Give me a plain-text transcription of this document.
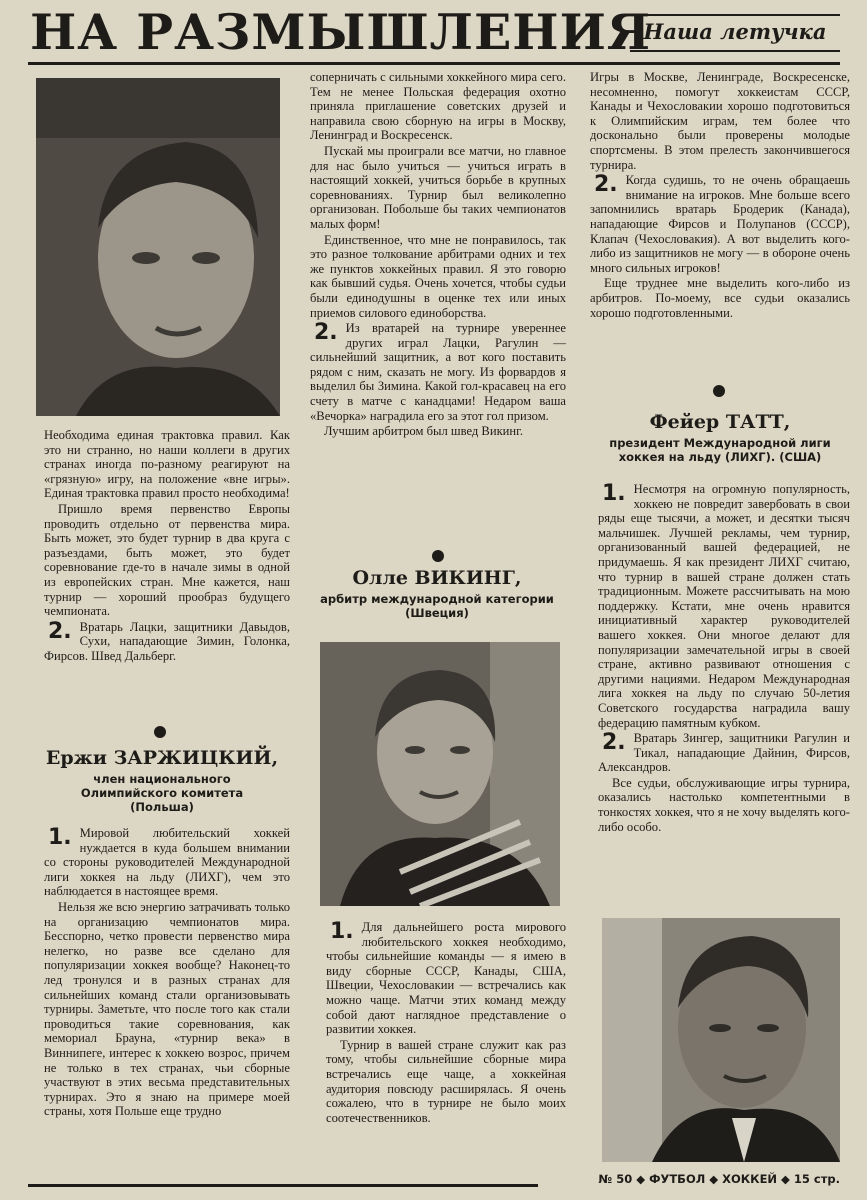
НА РАЗМЫШЛЕНИЯ
Наша летучка

Необходима единая трактовка правил. Как это ни странно, но наши коллеги в других странах иногда по-разному реагируют на «грязную» игру, на положение «вне игры». Единая трактовка правил просто необходима!

Пришло время первенство Европы проводить отдельно от первенства мира. Быть может, это будет турнир в два круга с разъездами, быть может, это будет соревнование где-то в начале зимы в одной из европейских стран. Мне кажется, наш турнир — хороший прообраз будущего чемпионата.

2. Вратарь Лацки, защитники Давыдов, Сухи, нападающие Зимин, Голонка, Фирсов. Швед Дальберг.

Ержи ЗАРЖИЦКИЙ,

член национального Олимпийского комитета (Польша)

1. Мировой любительский хоккей нуждается в куда большем внимании со стороны руководителей Международной лиги хоккея на льду (ЛИХГ), чем это наблюдается в настоящее время.

Нельзя же всю энергию затрачивать только на организацию чемпионатов мира. Бесспорно, четко провести первенство мира нелегко, но разве все сделано для популяризации хоккея вообще? Наконец-то лед тронулся и в разных странах для сильнейших команд стали организовывать турниры. Заметьте, что после того как стали проводиться такие соревнования, как мемориал Брауна, «турнир века» в Виннипеге, интерес к хоккею возрос, причем не только в тех странах, чьи сборные участвуют в этих весьма представительных турнирах. Это я знаю на примере моей страны, хотя Польше еще трудно

соперничать с сильными хоккейного мира сего. Тем не менее Польская федерация охотно приняла приглашение советских друзей и направила свою сборную на игры в Москву, Ленинград и Воскресенск.

Пускай мы проиграли все матчи, но главное для нас было учиться — учиться играть в настоящий хоккей, учиться борьбе в крупных соревнованиях. Турнир был великолепно организован. Побольше бы таких чемпионатов малых форм!

Единственное, что мне не понравилось, так это разное толкование арбитрами одних и тех же пунктов хоккейных правил. Я это говорю как бывший судья. Очень хочется, чтобы судьи были единодушны в оценке тех или иных приемов силового единоборства.

2. Из вратарей на турнире увереннее других играл Лацки, Рагулин — сильнейший защитник, а вот кого поставить рядом с ним, сказать не могу. Из форвардов я выделил бы Зимина. Какой гол-красавец на его счету в матче с канадцами! Недаром ваша «Вечорка» наградила его за этот гол призом.

Лучшим арбитром был швед Викинг.

Олле ВИКИНГ,

арбитр международной категории (Швеция)

1. Для дальнейшего роста мирового любительского хоккея необходимо, чтобы сильнейшие команды — я имею в виду сборные СССР, Канады, США, Швеции, Чехословакии — встречались как можно чаще. Матчи этих команд между собой дают наглядное представление о развитии хоккея.

Турнир в вашей стране служит как раз тому, чтобы сильнейшие сборные мира встречались еще чаще, а хоккейная аудитория повсюду расширялась. Я очень сожалею, что в турнире не было моих соотечественников.

Игры в Москве, Ленинграде, Воскресенске, несомненно, помогут хоккеистам СССР, Канады и Чехословакии хорошо подготовиться к Олимпийским играм, тем более что досконально были проверены молодые спортсмены. В этом прелесть закончившегося турнира.

2. Когда судишь, то не очень обращаешь внимание на игроков. Мне больше всего запомнились вратарь Бродерик (Канада), нападающие Фирсов и Полупанов (СССР), Клапач (Чехословакия). А вот выделить кого-либо из защитников не могу — в обороне очень много сильных игроков!

Еще труднее мне выделить кого-либо из арбитров. По-моему, все судьи оказались хорошо подготовленными.

Фейер ТАТТ,

президент Международной лиги хоккея на льду (ЛИХГ). (США)

1. Несмотря на огромную популярность, хоккею не повредит завербовать в свои ряды еще тысячи, а может, и десятки тысяч мальчишек. Лучшей рекламы, чем турнир, организованный вашей федерацией, не придумаешь. Я как президент ЛИХГ считаю, что турнир в вашей стране должен стать традиционным. Можете рассчитывать на мою поддержку. Кстати, мне очень нравится инициативный характер руководителей вашего хоккея. Они многое делают для популяризации замечательной игры в своей стране, активно развивают отношения с другими нациями. Недаром Международная лига хоккея на льду по случаю 50-летия Советского государства наградила вашу федерацию памятным кубком.

2. Вратарь Зингер, защитники Рагулин и Тикал, нападающие Дайнин, Фирсов, Александров.

Все судьи, обслуживающие игры турнира, оказались настолько компетентными в тонкостях хоккея, что я не хочу выделять кого-либо особо.

№ 50 ◆ ФУТБОЛ ◆ ХОККЕЙ ◆ 15 стр.
